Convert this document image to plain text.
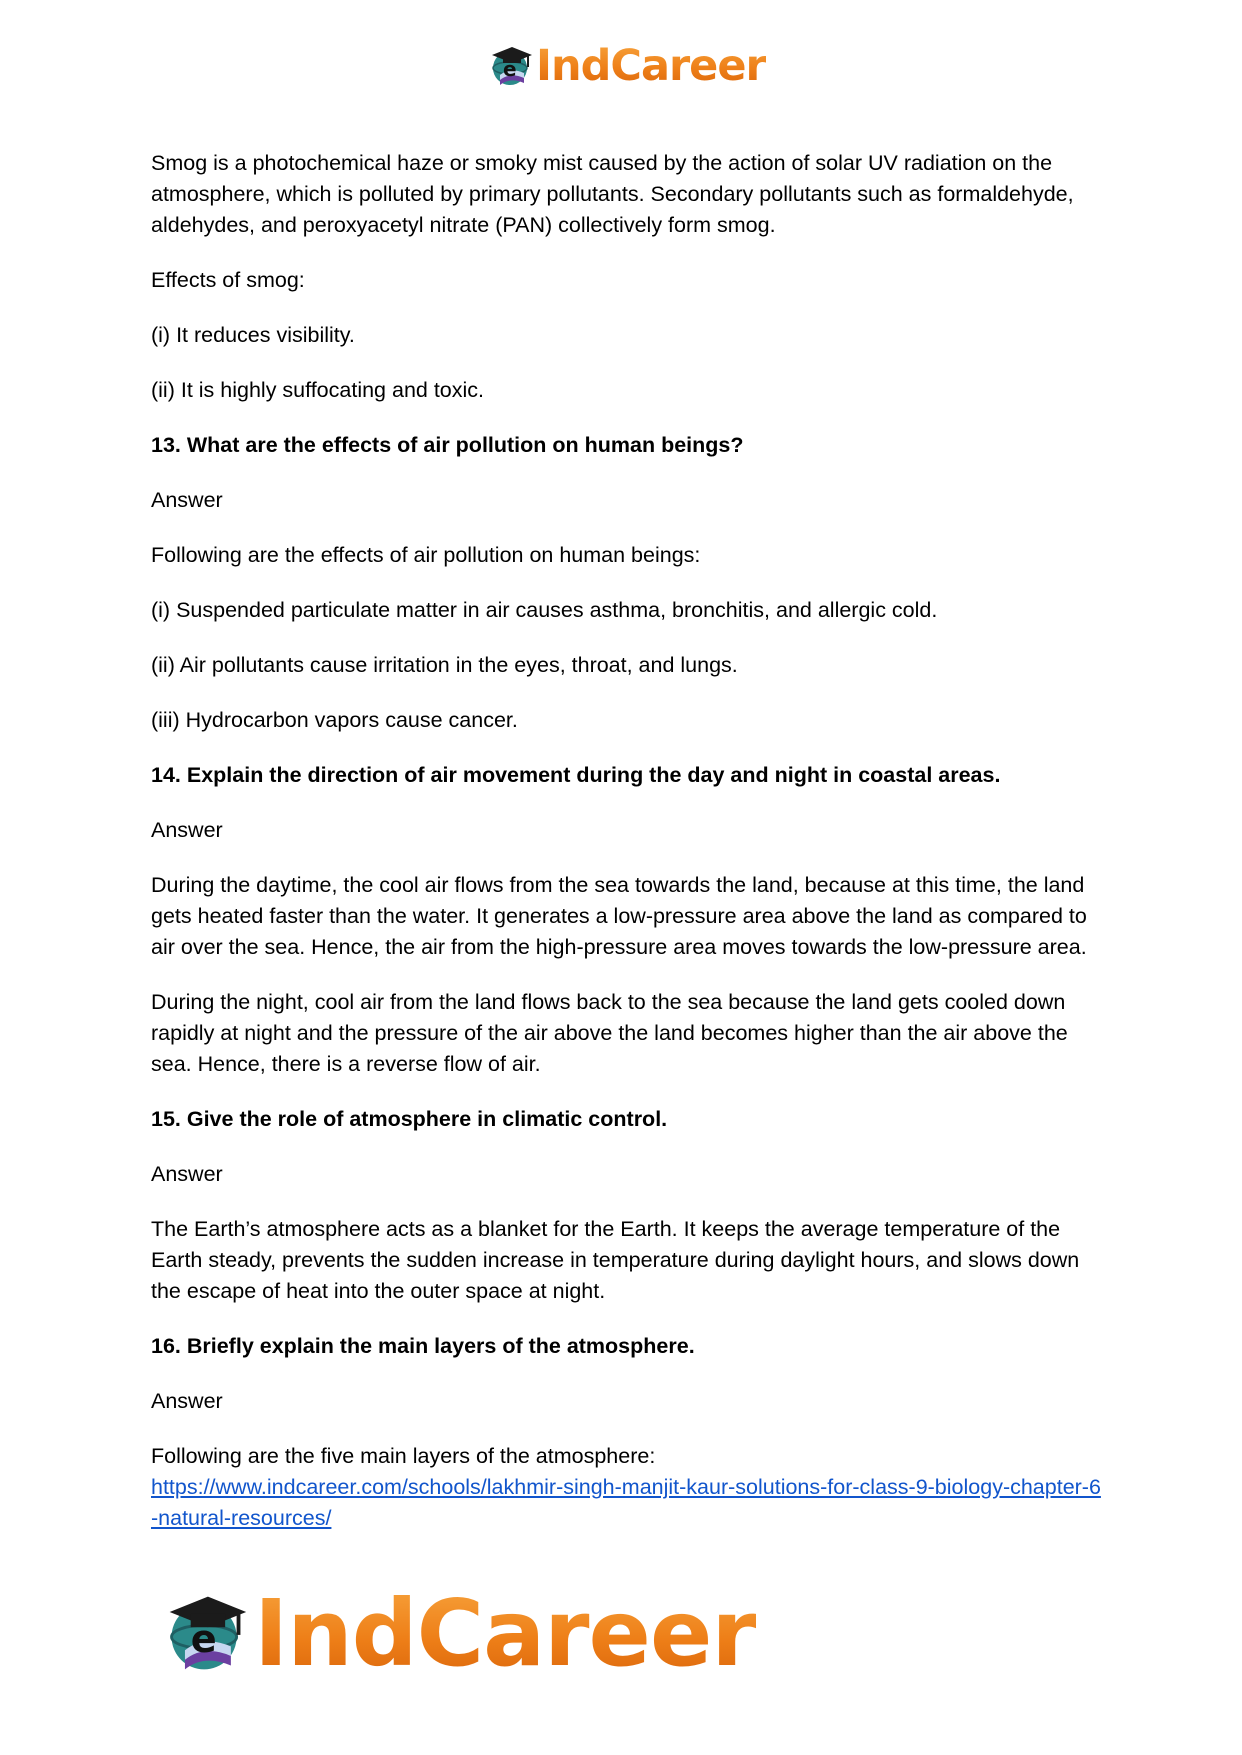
e IndCareer

Smog is a photochemical haze or smoky mist caused by the action of solar UV radiation on the atmosphere, which is polluted by primary pollutants. Secondary pollutants such as formaldehyde, aldehydes, and peroxyacetyl nitrate (PAN) collectively form smog.

Effects of smog:

(i) It reduces visibility.

(ii) It is highly suffocating and toxic.

13. What are the effects of air pollution on human beings?

Answer

Following are the effects of air pollution on human beings:

(i) Suspended particulate matter in air causes asthma, bronchitis, and allergic cold.

(ii) Air pollutants cause irritation in the eyes, throat, and lungs.

(iii) Hydrocarbon vapors cause cancer.

14. Explain the direction of air movement during the day and night in coastal areas.

Answer

During the daytime, the cool air flows from the sea towards the land, because at this time, the land gets heated faster than the water. It generates a low-pressure area above the land as compared to air over the sea. Hence, the air from the high-pressure area moves towards the low-pressure area.

During the night, cool air from the land flows back to the sea because the land gets cooled down rapidly at night and the pressure of the air above the land becomes higher than the air above the sea. Hence, there is a reverse flow of air.

15. Give the role of atmosphere in climatic control.

Answer

The Earth’s atmosphere acts as a blanket for the Earth. It keeps the average temperature of the Earth steady, prevents the sudden increase in temperature during daylight hours, and slows down the escape of heat into the outer space at night.

16. Briefly explain the main layers of the atmosphere.

Answer

Following are the five main layers of the atmosphere:

https://www.indcareer.com/schools/lakhmir-singh-manjit-kaur-solutions-for-class-9-biology-chapter-6-natural-resources/
e IndCareer
